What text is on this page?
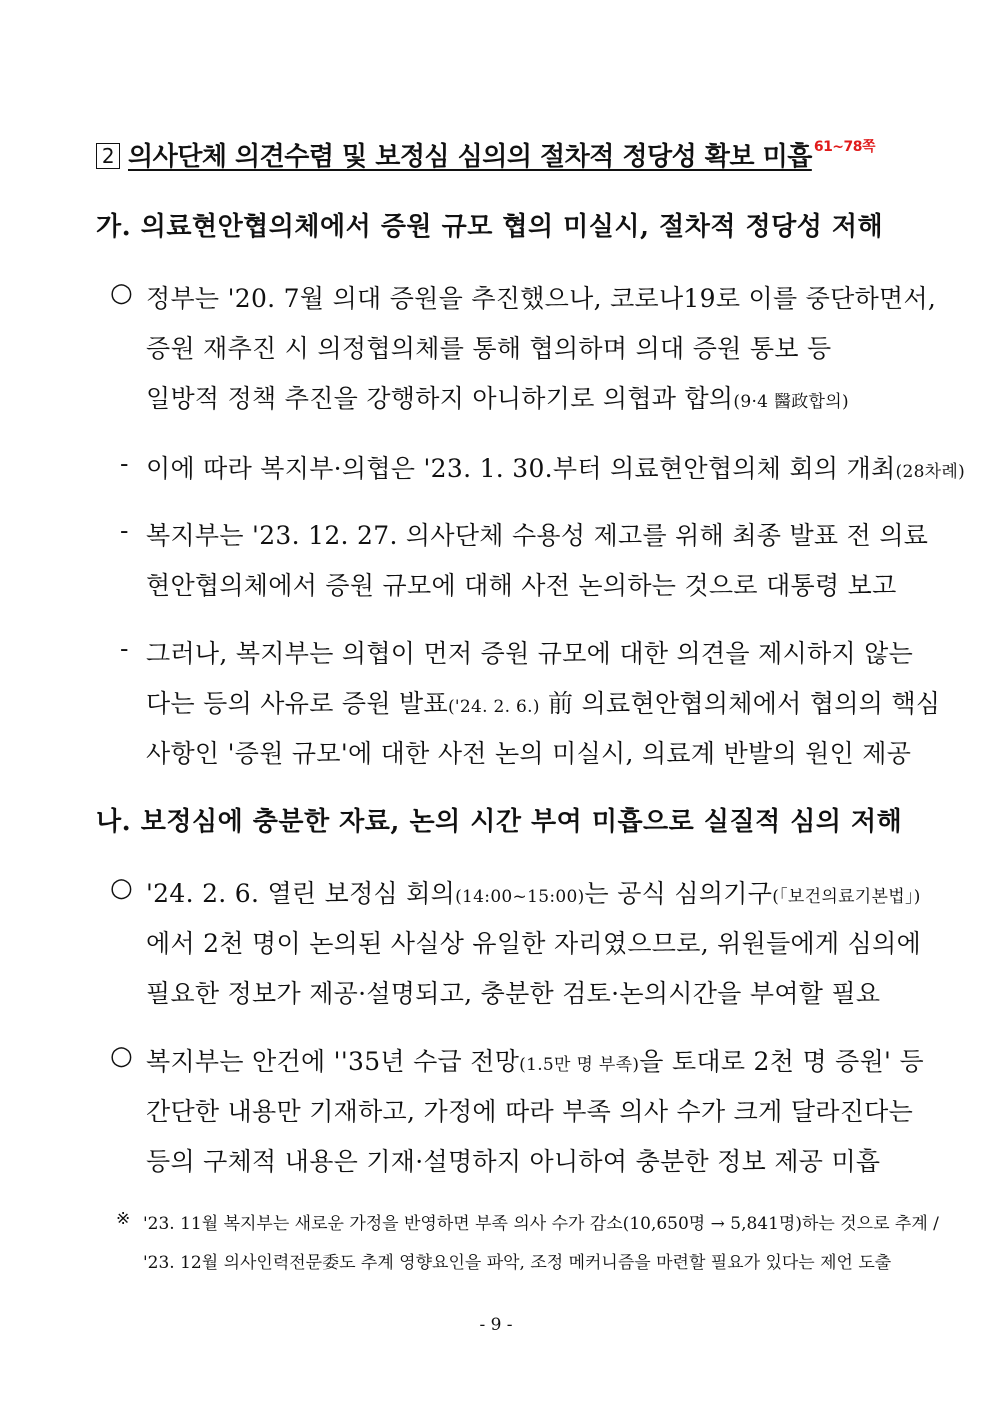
2 의사단체 의견수렴 및 보정심 심의의 절차적 정당성 확보 미흡 $^{61\sim 78쪽}$
가. 의료현안협의체에서 증원 규모 협의 미실시, 절차적 정당성 저해
○ 정부는 '20. 7월 의대 증원을 추진했으나, 코로나19로 이를 중단하면서,
증원 재추진 시 의정협의체를 통해 협의하며 의대 증원 통보 등
일방적 정책 추진을 강행하지 아니하기로 의협과 합의(9·4 醫政합의)
- 이에 따라 복지부·의협은 '23. 1. 30.부터 의료현안협의체 회의 개최(28차례)
- 복지부는 '23. 12. 27. 의사단체 수용성 제고를 위해 최종 발표 전 의료
현안협의체에서 증원 규모에 대해 사전 논의하는 것으로 대통령 보고
- 그러나, 복지부는 의협이 먼저 증원 규모에 대한 의견을 제시하지 않는
다는 등의 사유로 증원 발표('24. 2. 6.) 前 의료현안협의체에서 협의의 핵심
사항인 '증원 규모'에 대한 사전 논의 미실시, 의료계 반발의 원인 제공
나. 보정심에 충분한 자료, 논의 시간 부여 미흡으로 실질적 심의 저해
○ '24. 2. 6. 열린 보정심 회의(14:00~15:00)는 공식 심의기구(「보건의료기본법」)
에서 2천 명이 논의된 사실상 유일한 자리였으므로, 위원들에게 심의에
필요한 정보가 제공·설명되고, 충분한 검토·논의시간을 부여할 필요
○ 복지부는 안건에 ''35년 수급 전망(1.5만 명 부족)을 토대로 2천 명 증원' 등
간단한 내용만 기재하고, 가정에 따라 부족 의사 수가 크게 달라진다는
등의 구체적 내용은 기재·설명하지 아니하여 충분한 정보 제공 미흡
※ '23. 11월 복지부는 새로운 가정을 반영하면 부족 의사 수가 감소(10,650명 → 5,841명)하는 것으로 추계 /
'23. 12월 의사인력전문委도 추계 영향요인을 파악, 조정 메커니즘을 마련할 필요가 있다는 제언 도출
- 9 -
